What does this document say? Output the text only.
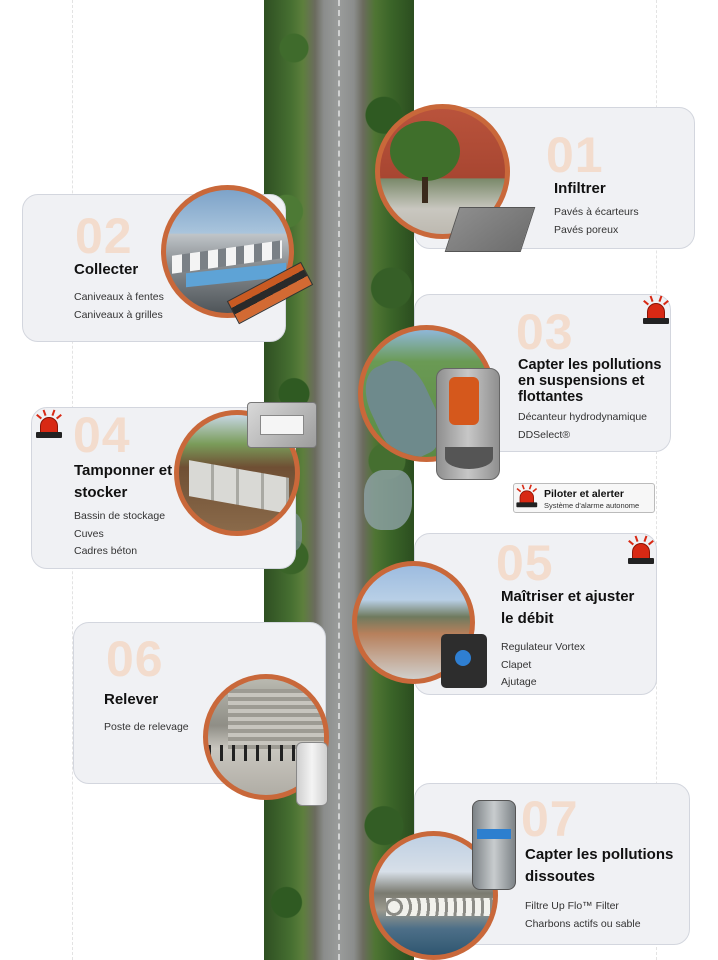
01
Infiltrer
Pavés à écarteurs
Pavés poreux
02
Collecter
Caniveaux à fentes
Caniveaux à grilles	03
Capter les pollutions en suspensions et flottantes
Décanteur hydrodynamique
DDSelect®
04
Tamponner et stocker
Bassin de stockage
Cuves
Cadres béton
Piloter et alerter
Système d'alarme autonome
05
Maîtriser et ajuster le débit
Regulateur Vortex
Clapet
Ajutage
06
Relever
Poste de relevage
07
Capter les pollutions dissoutes
Filtre Up Flo™ Filter
Charbons actifs ou sable
